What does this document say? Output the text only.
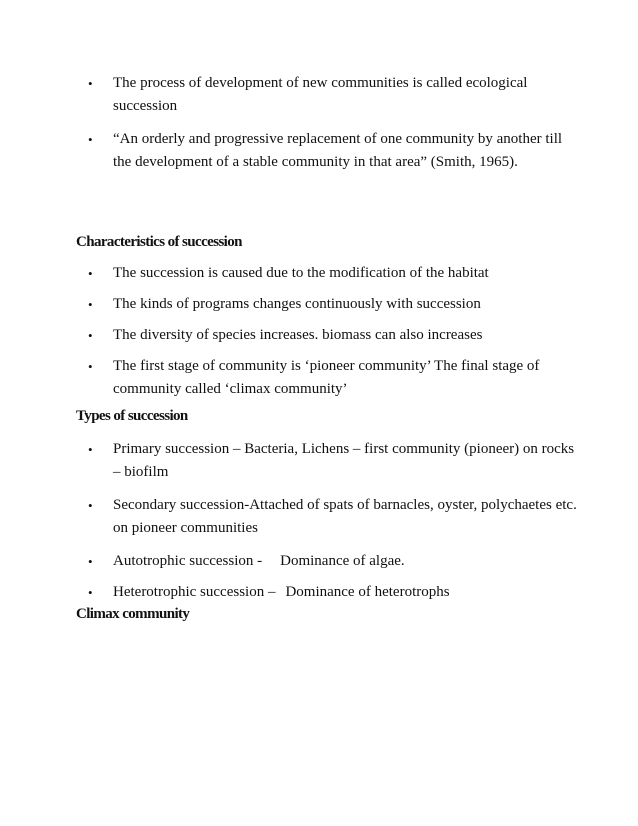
• The process of development of new communities is called ecological succession
• “An orderly and progressive replacement of one community by another till the development of a stable community in that area” (Smith, 1965).
Characteristics of succession
• The succession is caused due to the modification of the habitat
• The kinds of programs changes continuously with succession
• The diversity of species increases. biomass can also increases
• The first stage of community is ‘pioneer community’ The final stage of community called ‘climax community’
Types of succession
• Primary succession – Bacteria, Lichens – first community (pioneer) on rocks – biofilm
• Secondary succession-Attached of spats of barnacles, oyster, polychaetes etc. on pioneer communities
• Autotrophic succession - Dominance of algae.
• Heterotrophic succession – Dominance of heterotrophs
Climax community
